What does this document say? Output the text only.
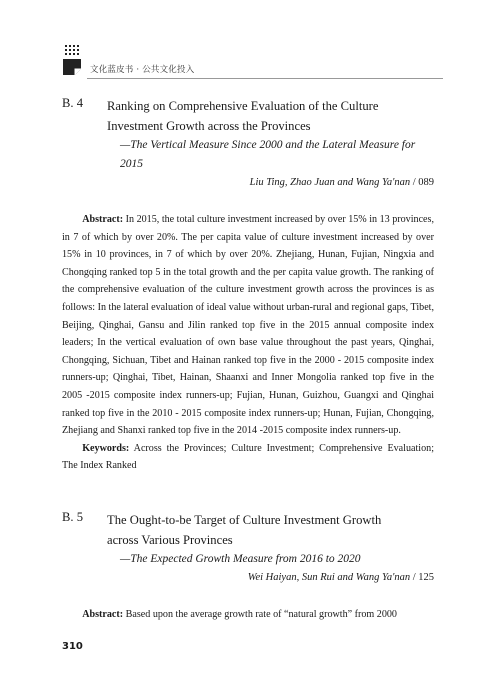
文化蓝皮书 · 公共文化投入
B. 4 Ranking on Comprehensive Evaluation of the Culture Investment Growth across the Provinces
—The Vertical Measure Since 2000 and the Lateral Measure for 2015
Liu Ting, Zhao Juan and Wang Ya'nan / 089

Abstract: In 2015, the total culture investment increased by over 15% in 13 provinces, in 7 of which by over 20%. The per capita value of culture investment increased by over 15% in 10 provinces, in 7 of which by over 20%. Zhejiang, Hunan, Fujian, Ningxia and Chongqing ranked top 5 in the total growth and the per capita value growth. The ranking of the comprehensive evaluation of the culture investment growth across the provinces is as follows: In the lateral evaluation of ideal value without urban-rural and regional gaps, Tibet, Beijing, Qinghai, Gansu and Jilin ranked top five in the 2015 annual composite index leaders; In the vertical evaluation of own base value throughout the past years, Qinghai, Chongqing, Sichuan, Tibet and Hainan ranked top five in the 2000 - 2015 composite index runners-up; Qinghai, Tibet, Hainan, Shaanxi and Inner Mongolia ranked top five in the 2005 -2015 composite index runners-up; Fujian, Hunan, Guizhou, Guangxi and Qinghai ranked top five in the 2010 - 2015 composite index runners-up; Hunan, Fujian, Chongqing, Zhejiang and Shanxi ranked top five in the 2014 -2015 composite index runners-up.

Keywords: Across the Provinces; Culture Investment; Comprehensive Evaluation; The Index Ranked

B. 5 The Ought-to-be Target of Culture Investment Growth across Various Provinces
—The Expected Growth Measure from 2016 to 2020
Wei Haiyan, Sun Rui and Wang Ya'nan / 125

Abstract: Based upon the average growth rate of “natural growth” from 2000

310
